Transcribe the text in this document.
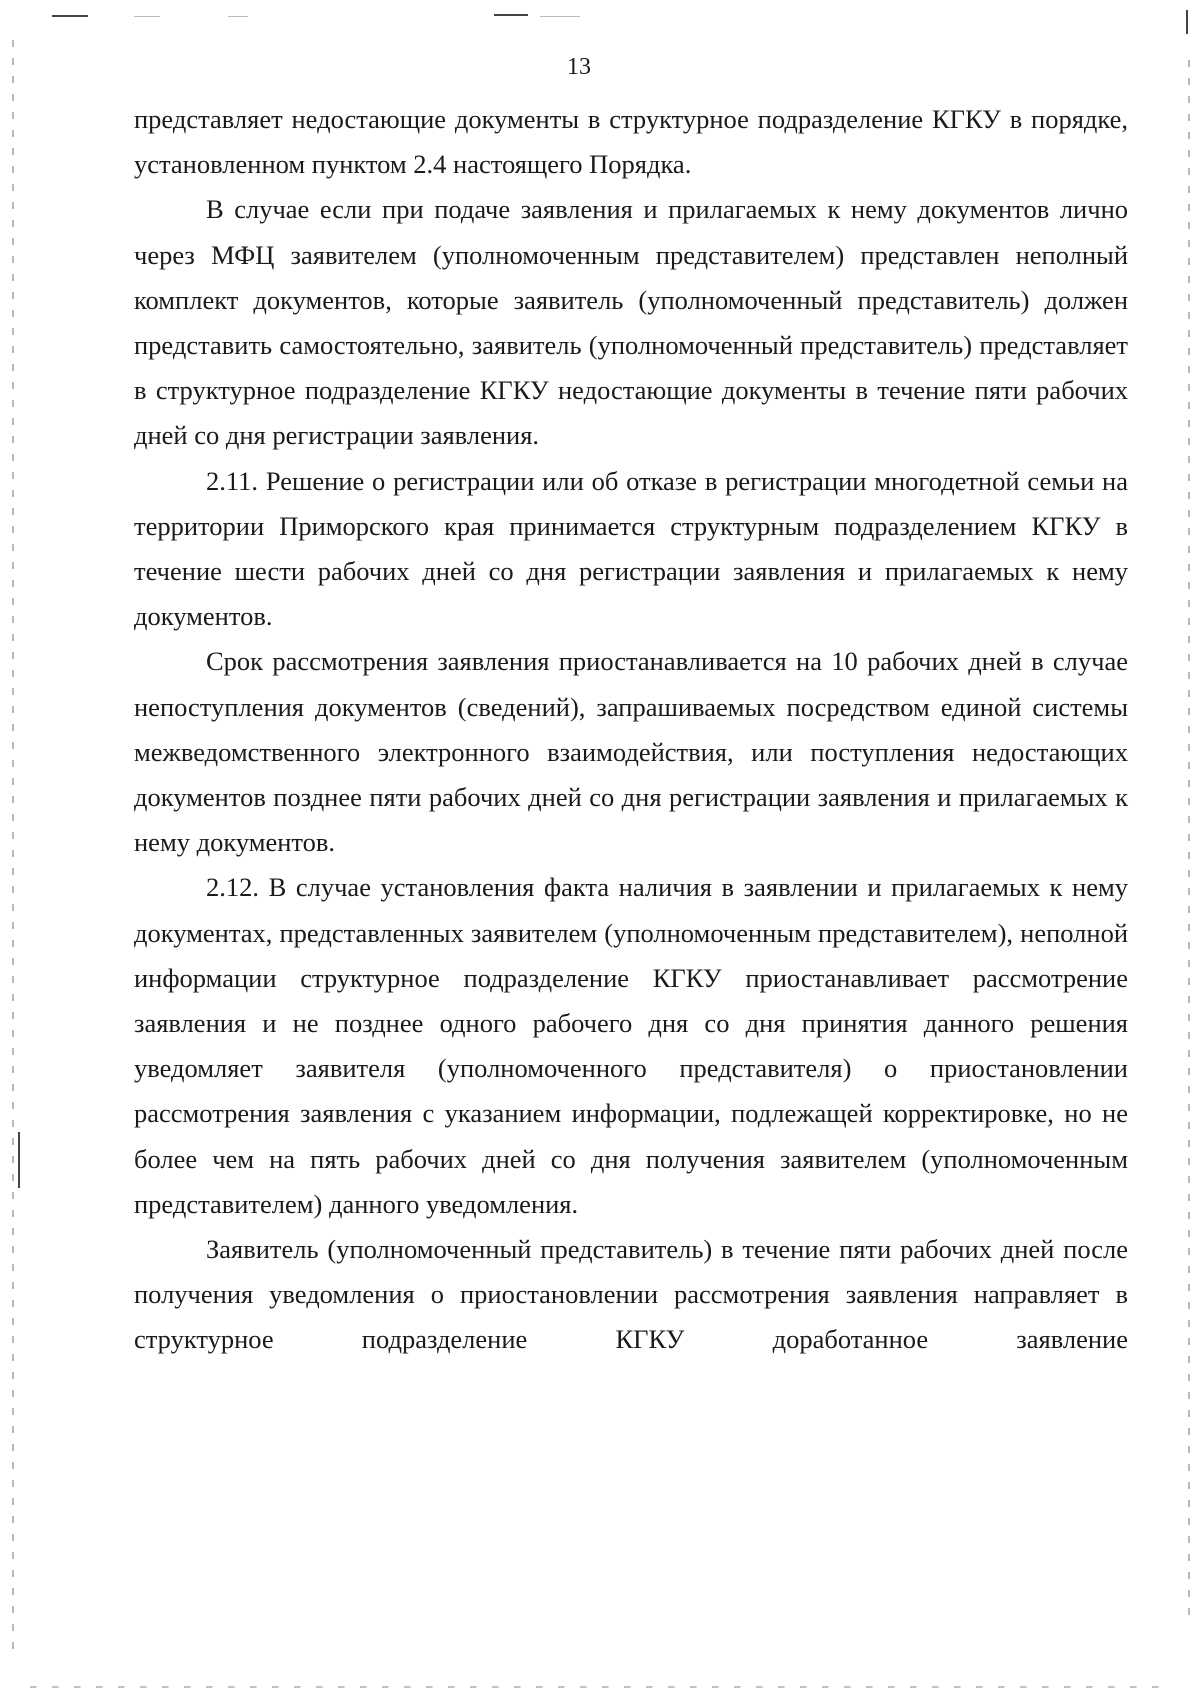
13

представляет недостающие документы в структурное подразделение КГКУ в порядке, установленном пунктом 2.4 настоящего Порядка.

В случае если при подаче заявления и прилагаемых к нему документов лично через МФЦ заявителем (уполномоченным представителем) представлен неполный комплект документов, которые заявитель (уполномоченный представитель) должен представить самостоятельно, заявитель (уполномоченный представитель) представляет в структурное подразделение КГКУ недостающие документы в течение пяти рабочих дней со дня регистрации заявления.

2.11. Решение о регистрации или об отказе в регистрации многодетной семьи на территории Приморского края принимается структурным подразделением КГКУ в течение шести рабочих дней со дня регистрации заявления и прилагаемых к нему документов.

Срок рассмотрения заявления приостанавливается на 10 рабочих дней в случае непоступления документов (сведений), запрашиваемых посредством единой системы межведомственного электронного взаимодействия, или поступления недостающих документов позднее пяти рабочих дней со дня регистрации заявления и прилагаемых к нему документов.

2.12. В случае установления факта наличия в заявлении и прилагаемых к нему документах, представленных заявителем (уполномоченным представителем), неполной информации структурное подразделение КГКУ приостанавливает рассмотрение заявления и не позднее одного рабочего дня со дня принятия данного решения уведомляет заявителя (уполномоченного представителя) о приостановлении рассмотрения заявления с указанием информации, подлежащей корректировке, но не более чем на пять рабочих дней со дня получения заявителем (уполномоченным представителем) данного уведомления.

Заявитель (уполномоченный представитель) в течение пяти рабочих дней после получения уведомления о приостановлении рассмотрения заявления направляет в структурное подразделение КГКУ доработанное заявление
